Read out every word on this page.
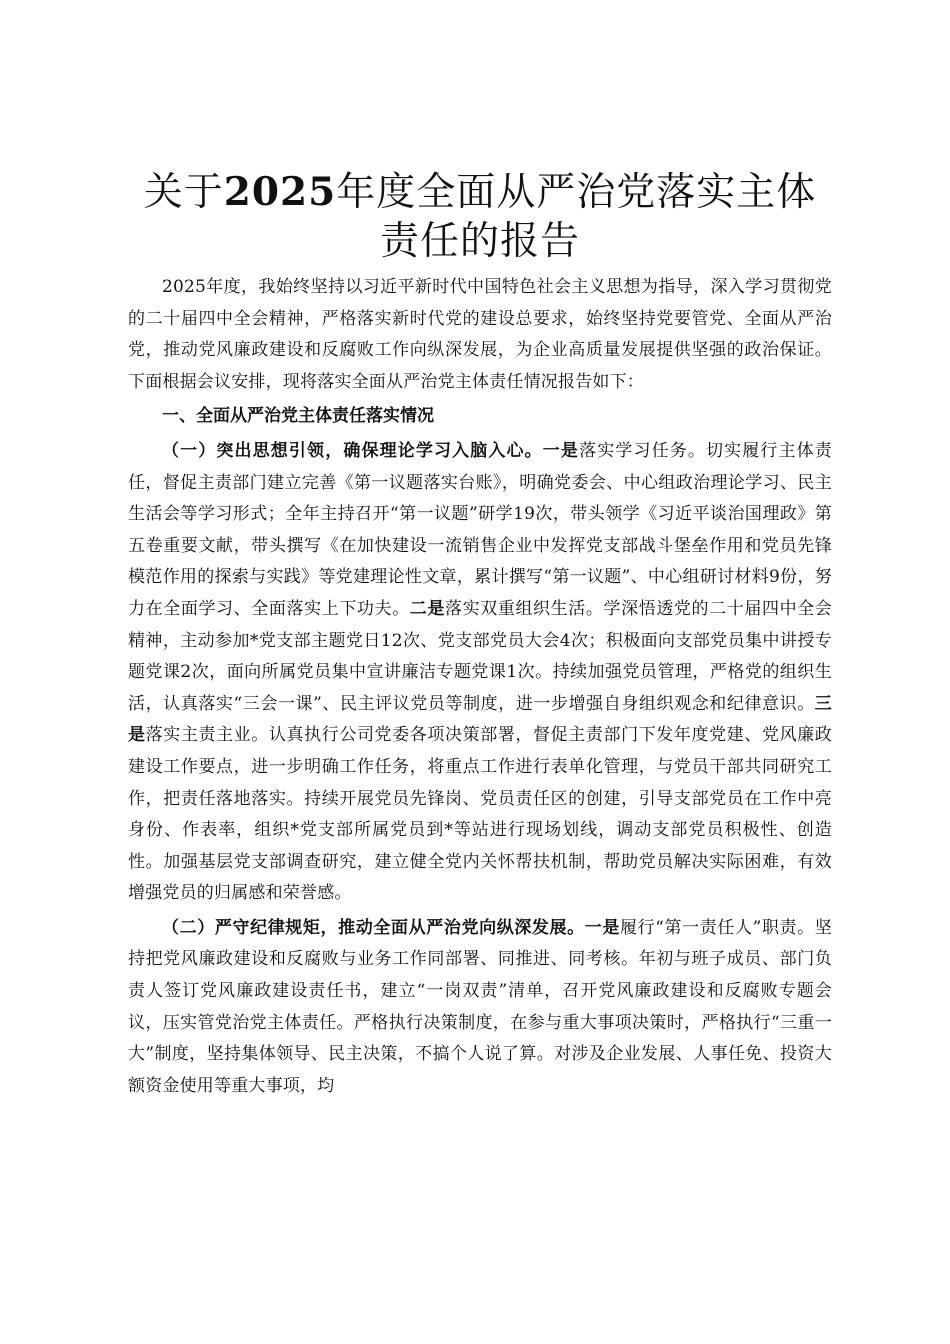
关于2025年度全面从严治党落实主体责任的报告

2025年度，我始终坚持以习近平新时代中国特色社会主义思想为指导，深入学习贯彻党的二十届四中全会精神，严格落实新时代党的建设总要求，始终坚持党要管党、全面从严治党，推动党风廉政建设和反腐败工作向纵深发展，为企业高质量发展提供坚强的政治保证。下面根据会议安排，现将落实全面从严治党主体责任情况报告如下：

一、全面从严治党主体责任落实情况

（一）突出思想引领，确保理论学习入脑入心。一是落实学习任务。切实履行主体责任，督促主责部门建立完善《第一议题落实台账》，明确党委会、中心组政治理论学习、民主生活会等学习形式；全年主持召开“第一议题”研学19次，带头领学《习近平谈治国理政》第五卷重要文献，带头撰写《在加快建设一流销售企业中发挥党支部战斗堡垒作用和党员先锋模范作用的探索与实践》等党建理论性文章，累计撰写“第一议题”、中心组研讨材料9份，努力在全面学习、全面落实上下功夫。二是落实双重组织生活。学深悟透党的二十届四中全会精神，主动参加*党支部主题党日12次、党支部党员大会4次；积极面向支部党员集中讲授专题党课2次，面向所属党员集中宣讲廉洁专题党课1次。持续加强党员管理，严格党的组织生活，认真落实“三会一课”、民主评议党员等制度，进一步增强自身组织观念和纪律意识。三是落实主责主业。认真执行公司党委各项决策部署，督促主责部门下发年度党建、党风廉政建设工作要点，进一步明确工作任务，将重点工作进行表单化管理，与党员干部共同研究工作，把责任落地落实。持续开展党员先锋岗、党员责任区的创建，引导支部党员在工作中亮身份、作表率，组织*党支部所属党员到*等站进行现场划线，调动支部党员积极性、创造性。加强基层党支部调查研究，建立健全党内关怀帮扶机制，帮助党员解决实际困难，有效增强党员的归属感和荣誉感。

（二）严守纪律规矩，推动全面从严治党向纵深发展。一是履行“第一责任人”职责。坚持把党风廉政建设和反腐败与业务工作同部署、同推进、同考核。年初与班子成员、部门负责人签订党风廉政建设责任书，建立“一岗双责”清单，召开党风廉政建设和反腐败专题会议，压实管党治党主体责任。严格执行决策制度，在参与重大事项决策时，严格执行“三重一大”制度，坚持集体领导、民主决策，不搞个人说了算。对涉及企业发展、人事任免、投资大额资金使用等重大事项，均
